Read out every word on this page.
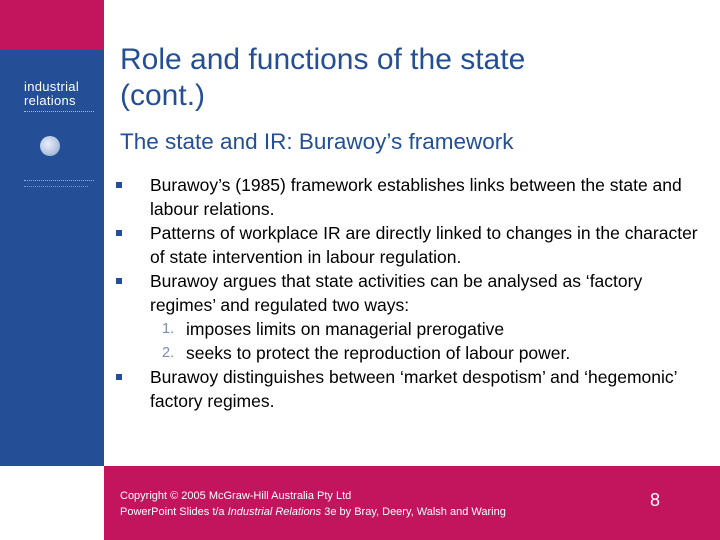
industrial
relations
Role and functions of the state
(cont.)
The state and IR: Burawoy’s framework
Burawoy’s (1985) framework establishes links between the state and labour relations.
Patterns of workplace IR are directly linked to changes in the character of state intervention in labour regulation.
Burawoy argues that state activities can be analysed as ‘factory regimes’ and regulated two ways:
1. imposes limits on managerial prerogative
2. seeks to protect the reproduction of labour power.
Burawoy distinguishes between ‘market despotism’ and ‘hegemonic’ factory regimes.
Copyright © 2005 McGraw-Hill Australia Pty Ltd
PowerPoint Slides t/a Industrial Relations 3e by Bray, Deery, Walsh and Waring
8
